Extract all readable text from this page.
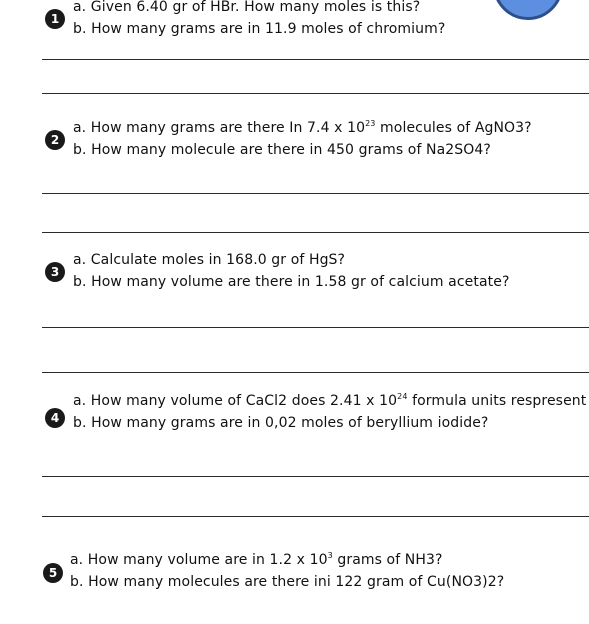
1
a. Given 6.40 gr of HBr. How many moles is this?
b. How many grams are in 11.9 moles of chromium?
2
a. How many grams are there In 7.4 x $10^{23}$ molecules of AgNO3?
b. How many molecule are there in 450 grams of Na2SO4?
3
a. Calculate moles in 168.0 gr of HgS?
b. How many volume are there in 1.58 gr of calcium acetate?
4
a. How many volume of CaCl2 does 2.41 x $10^{24}$ formula units respresent
b. How many grams are in 0,02 moles of beryllium iodide?
5
a. How many volume are in 1.2 x $10^3$ grams of NH3?
b. How many molecules are there ini 122 gram of Cu(NO3)2?
